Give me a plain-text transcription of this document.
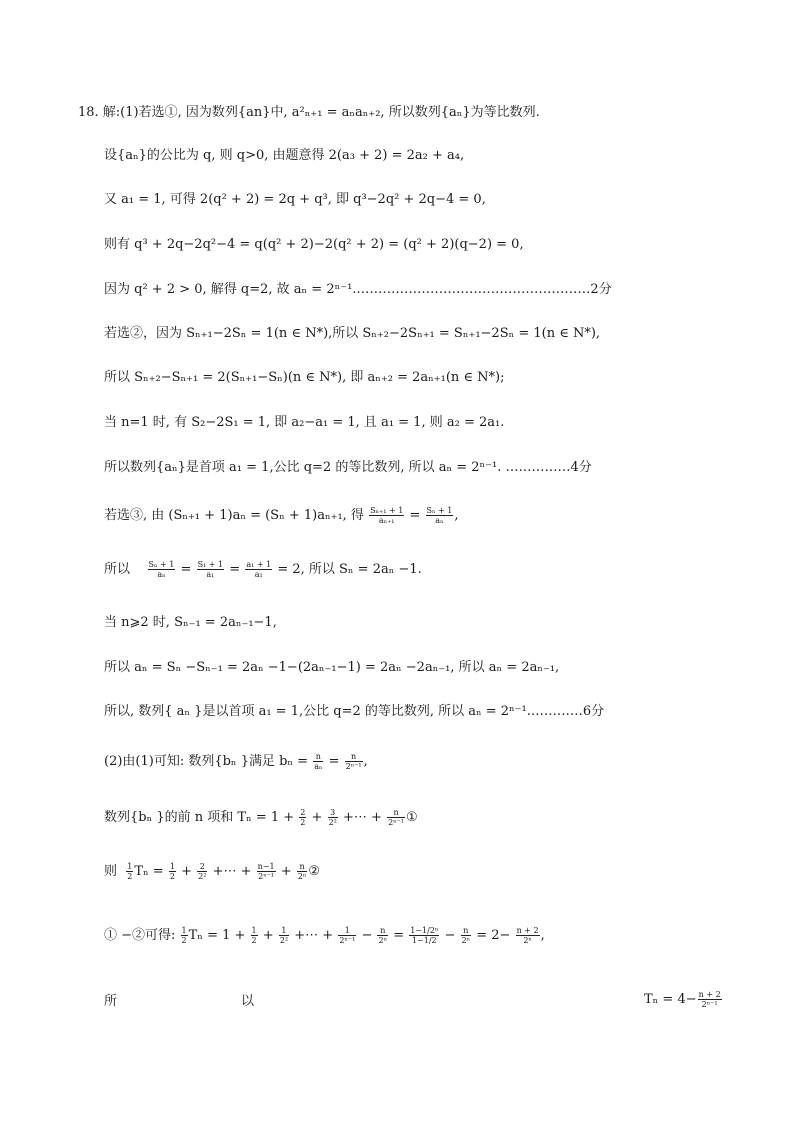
18. 解:(1)若选①, 因为数列{an}中, a²ₙ₊₁ = aₙaₙ₊₂, 所以数列{aₙ}为等比数列.
设{aₙ}的公比为 q, 则 q>0, 由题意得 2(a₃ + 2) = 2a₂ + a₄,
又 a₁ = 1, 可得 2(q² + 2) = 2q + q³, 即 q³−2q² + 2q−4 = 0,
则有 q³ + 2q−2q²−4 = q(q² + 2)−2(q² + 2) = (q² + 2)(q−2) = 0,
因为 q² + 2 > 0, 解得 q=2, 故 aₙ = 2ⁿ⁻¹.………………………………………………2分
若选②，因为 Sₙ₊₁−2Sₙ = 1(n ∈ N*),所以 Sₙ₊₂−2Sₙ₊₁ = Sₙ₊₁−2Sₙ = 1(n ∈ N*),
所以 Sₙ₊₂−Sₙ₊₁ = 2(Sₙ₊₁−Sₙ)(n ∈ N*), 即 aₙ₊₂ = 2aₙ₊₁(n ∈ N*);
当 n=1 时, 有 S₂−2S₁ = 1, 即 a₂−a₁ = 1, 且 a₁ = 1, 则 a₂ = 2a₁.
所以数列{aₙ}是首项 a₁ = 1,公比 q=2 的等比数列, 所以 aₙ = 2ⁿ⁻¹. ……………4分
若选③, 由 (Sₙ₊₁ + 1)aₙ = (Sₙ + 1)aₙ₊₁, 得 $\frac{\text{Sₙ₊₁ + 1}}{\text{aₙ₊₁}} = \frac{\text{Sₙ + 1}}{\text{aₙ}}$ ,
所以 $\frac{\text{Sₙ + 1}}{\text{aₙ}} = \frac{\text{S₁ + 1}}{\text{a₁}} = \frac{\text{a₁ + 1}}{\text{a₁}} = 2$, 所以 Sₙ = 2aₙ −1.
当 n⩾2 时, Sₙ₋₁ = 2aₙ₋₁−1,
所以 aₙ = Sₙ −Sₙ₋₁ = 2aₙ −1−(2aₙ₋₁−1) = 2aₙ −2aₙ₋₁, 所以 aₙ = 2aₙ₋₁,
所以, 数列{ aₙ }是以首项 a₁ = 1,公比 q=2 的等比数列, 所以 aₙ = 2ⁿ⁻¹.…………6分
(2)由(1)可知: 数列{bₙ }满足 $b_n = \frac{n}{\text{aₙ}} = \frac{n}{\text{2ⁿ⁻¹}}$ ,
数列{bₙ }的前 n 项和 $T_n = 1 + \frac{2}{2} + \frac{3}{\text{2²}}$ +⋯ + $\frac{n}{\text{2ⁿ⁻¹}}$ ①
则 $\frac{1}{2}$ $T_n = \frac{1}{2} + \frac{2}{\text{2²}}$ +⋯ + $\frac{n-1}{\text{2ⁿ⁻¹}} + \frac{n}{\text{2ⁿ}}$ ②
① −②可得: $\frac{1}{2}$ $T_n = 1 + \frac{1}{2} + \frac{1}{\text{2²}}$ +⋯ + $\frac{1}{\text{2ⁿ⁻¹}} - \frac{n}{\text{2ⁿ}} = \frac{\text{1−1/2ⁿ}}{1-1/2} - \frac{n}{\text{2ⁿ}} = 2- \frac{n + 2}{\text{2ⁿ}}$ ,
所	以	$T_n = 4- \frac{n + 2}{\text{2ⁿ⁻¹}}$
